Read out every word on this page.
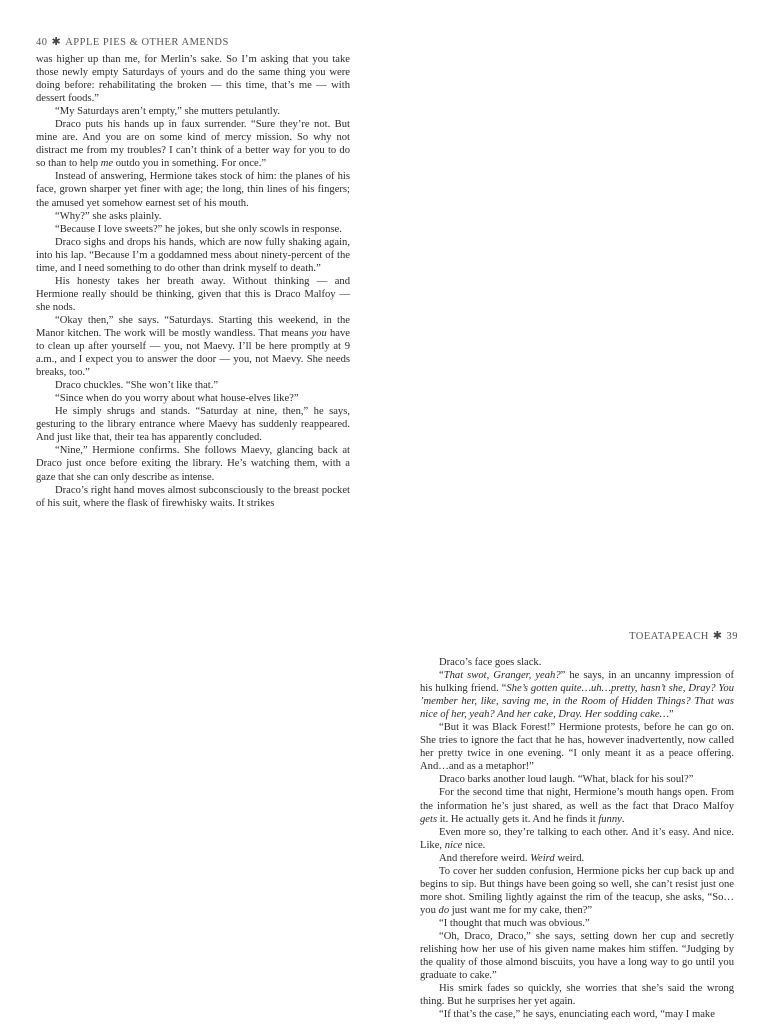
40 ✱ APPLE PIES & OTHER AMENDS

was higher up than me, for Merlin’s sake. So I’m asking that you take those newly empty Saturdays of yours and do the same thing you were doing before: rehabilitating the broken — this time, that’s me — with dessert foods.”

“My Saturdays aren’t empty,” she mutters petulantly.

Draco puts his hands up in faux surrender. “Sure they’re not. But mine are. And you are on some kind of mercy mission. So why not distract me from my troubles? I can’t think of a better way for you to do so than to help me outdo you in something. For once.”

Instead of answering, Hermione takes stock of him: the planes of his face, grown sharper yet finer with age; the long, thin lines of his fingers; the amused yet somehow earnest set of his mouth.

“Why?” she asks plainly.

“Because I love sweets?” he jokes, but she only scowls in response.

Draco sighs and drops his hands, which are now fully shaking again, into his lap. “Because I’m a goddamned mess about ninety-percent of the time, and I need something to do other than drink myself to death.”

His honesty takes her breath away. Without thinking — and Hermione really should be thinking, given that this is Draco Malfoy — she nods.

“Okay then,” she says. “Saturdays. Starting this weekend, in the Manor kitchen. The work will be mostly wandless. That means you have to clean up after yourself — you, not Maevy. I’ll be here promptly at 9 a.m., and I expect you to answer the door — you, not Maevy. She needs breaks, too.”

Draco chuckles. “She won’t like that.”

“Since when do you worry about what house-elves like?”

He simply shrugs and stands. “Saturday at nine, then,” he says, gesturing to the library entrance where Maevy has suddenly reappeared. And just like that, their tea has apparently concluded.

“Nine,” Hermione confirms. She follows Maevy, glancing back at Draco just once before exiting the library. He’s watching them, with a gaze that she can only describe as intense.

Draco’s right hand moves almost subconsciously to the breast pocket of his suit, where the flask of firewhisky waits. It strikes

TOEATAPEACH ✱ 39

Draco’s face goes slack.

“That swot, Granger, yeah?” he says, in an uncanny impression of his hulking friend. “She’s gotten quite…uh…pretty, hasn’t she, Dray? You ’member her, like, saving me, in the Room of Hidden Things? That was nice of her, yeah? And her cake, Dray. Her sodding cake…”

“But it was Black Forest!” Hermione protests, before he can go on. She tries to ignore the fact that he has, however inadvertently, now called her pretty twice in one evening. “I only meant it as a peace offering. And…and as a metaphor!”

Draco barks another loud laugh. “What, black for his soul?”

For the second time that night, Hermione’s mouth hangs open. From the information he’s just shared, as well as the fact that Draco Malfoy gets it. He actually gets it. And he finds it funny.

Even more so, they’re talking to each other. And it’s easy. And nice. Like, nice nice.

And therefore weird. Weird weird.

To cover her sudden confusion, Hermione picks her cup back up and begins to sip. But things have been going so well, she can’t resist just one more shot. Smiling lightly against the rim of the teacup, she asks, “So…you do just want me for my cake, then?”

“I thought that much was obvious.”

“Oh, Draco, Draco,” she says, setting down her cup and secretly relishing how her use of his given name makes him stiffen. “Judging by the quality of those almond biscuits, you have a long way to go until you graduate to cake.”

His smirk fades so quickly, she worries that she’s said the wrong thing. But he surprises her yet again.

“If that’s the case,” he says, enunciating each word, “may I make
